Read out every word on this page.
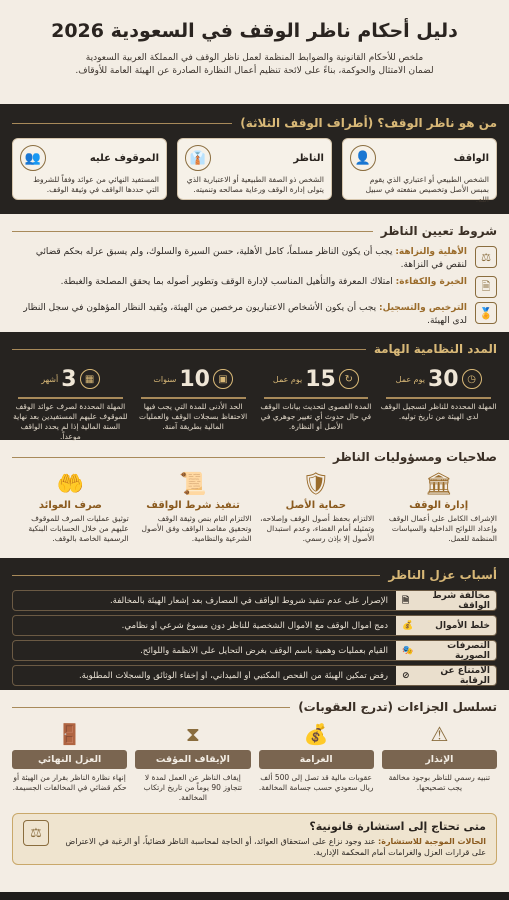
دليل أحكام ناظر الوقف في السعودية 2026

ملخص للأحكام القانونية والضوابط المنظمة لعمل ناظر الوقف في المملكة العربية السعودية
لضمان الامتثال والحوكمة، بناءً على لائحة تنظيم أعمال النظارة الصادرة عن الهيئة العامة للأوقاف.

من هو ناظر الوقف؟ (أطراف الوقف الثلاثة)
الواقف
👤
الشخص الطبيعي أو اعتباري الذي يقوم بمبس الأصل وتخصيص منفعته في سبيل الله.
الناظر
👔
الشخص ذو الصفة الطبيعية أو الاعتبارية الذي يتولى إدارة الوقف ورعاية مصالحه وتنميته.
الموقوف عليه
👥
المستفيد النهائي من عوائد وفقاً للشروط التي حددها الواقف في وثيقة الوقف.
شروط تعيين الناظر
⚖
الأهلية والنزاهة: يجب أن يكون الناظر مسلماً، كامل الأهلية، حسن السيرة والسلوك، ولم يسبق عزله بحكم قضائي لنقص في النزاهة.
🗎
الخبرة والكفاءة: امتلاك المعرفة والتأهيل المناسب لإدارة الوقف وتطوير أصوله بما يحقق المصلحة والغبطة.
🏅
الترخيص والتسجيل: يجب أن يكون الأشخاص الاعتباريون مرخصين من الهيئة، ويُقيد النظار المؤهلون في سجل النظار لدى الهيئة.
المدد النظامية الهامة
◷
30
يوم عمل
المهلة المحددة للناظر لتسجيل الوقف لدى الهيئة من تاريخ توليه.
↻
15
يوم عمل
المدة القصوى لتحديث بيانات الوقف في حال حدوث أي تغيير جوهري في الأصل أو النظارة.
▣
10
سنوات
الحد الأدنى للمدة التي يجب فيها الاحتفاظ بسجلات الوقف والعمليات المالية بطريقة آمنة.
▦
3
أشهر
المهلة المحددة لصرف عوائد الوقف للموقوف عليهم المستفيدين بعد نهاية السنة المالية إذا لم يحدد الواقف موعداً.
صلاحيات ومسؤوليات الناظر
🏛
إدارة الوقف
الإشراف الكامل على أعمال الوقف وإعداد اللوائح الداخلية والسياسات المنظمة للعمل.
🛡
حماية الأصل
الالتزام بحفظ أصول الوقف وإصلاحه، وتمثيله أمام القضاء، وعدم استبدال الأصول إلا بإذن رسمي.
📜
تنفيذ شرط الواقف
الالتزام التام بنص وثيقة الوقف وتحقيق مقاصد الواقف وفق الأصول الشرعية والنظامية.
🤲
صرف العوائد
توثيق عمليات الصرف للموقوف عليهم من خلال الحسابات البنكية الرسمية الخاصة بالوقف.
أسباب عزل الناظر
مخالفة شرط الواقف
🗎
الإصرار على عدم تنفيذ شروط الواقف في المصارف بعد إشعار الهيئة بالمخالفة.
خلط الأموال
💰
دمج أموال الوقف مع الأموال الشخصية للناظر دون مسوغ شرعي أو نظامي.
التصرفات الصورية
🎭
القيام بعمليات وهمية باسم الوقف بغرض التحايل على الأنظمة واللوائح.
الامتناع عن الرقابة
⊘
رفض تمكين الهيئة من الفحص المكتبي أو الميداني، أو إخفاء الوثائق والسجلات المطلوبة.
تسلسل الجزاءات (تدرج العقوبات)
⚠
الإنذار
تنبيه رسمي للناظر بوجود مخالفة يجب تصحيحها.
💰
الغرامة
عقوبات مالية قد تصل إلى 500 ألف ريال سعودي حسب جسامة المخالفة.
⧗
الإيقاف المؤقت
إيقاف الناظر عن العمل لمدة لا تتجاوز 90 يوماً من تاريخ ارتكاب المخالفة.
🚪
العزل النهائي
إنهاء نظارة الناظر بقرار من الهيئة أو حكم قضائي في المخالفات الجسيمة.
متى تحتاج إلى استشارة قانونية؟
الحالات الموجبة للاستشارة: عند وجود نزاع على استحقاق العوائد، أو الحاجة لمحاسبة الناظر قضائياً، أو الرغبة في الاعتراض على قرارات العزل والغرامات أمام المحكمة الإدارية.
⚖
